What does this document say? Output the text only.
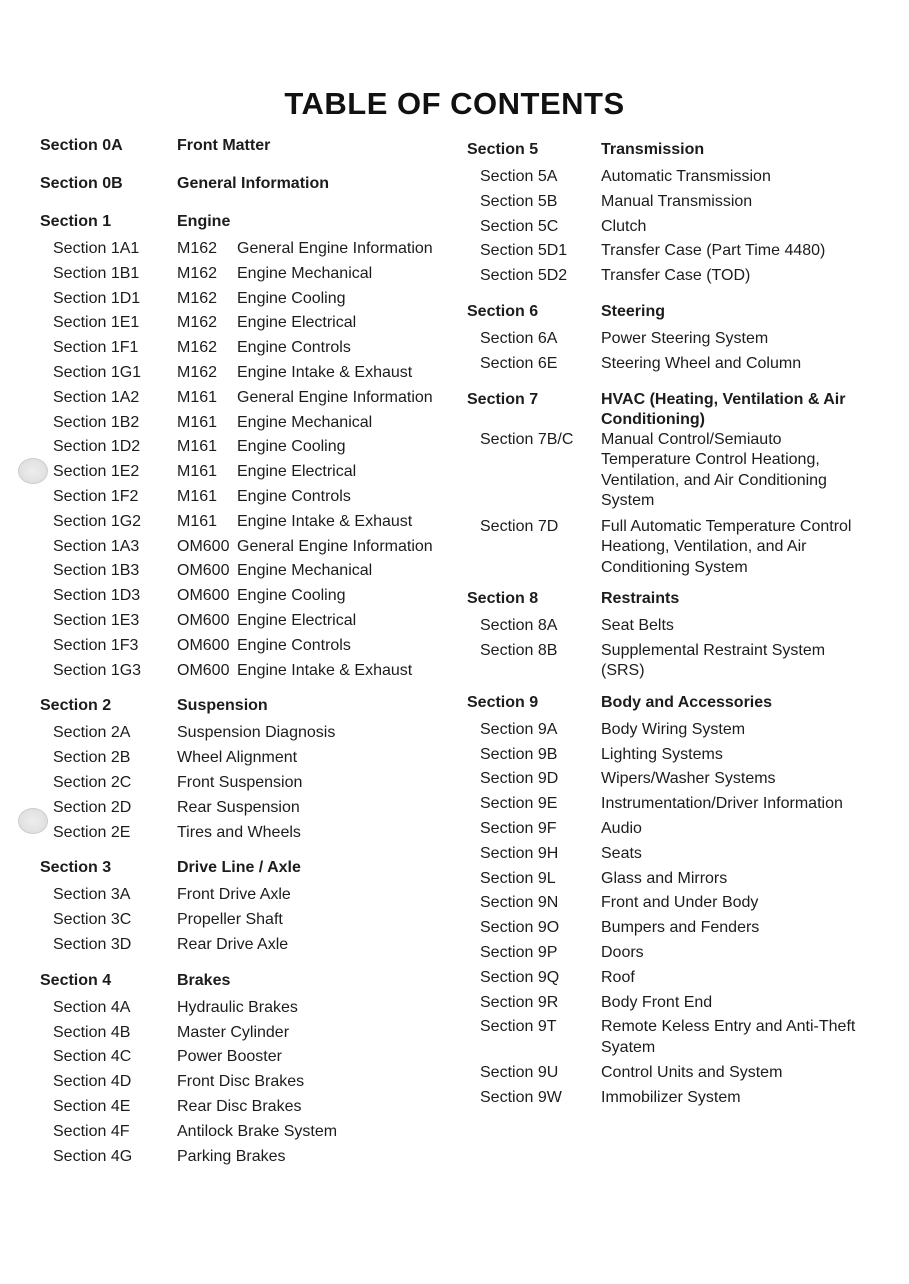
TABLE OF CONTENTS
Section 0A	Front Matter
Section 0B	General Information
Section 1	Engine
Section 1A1	M162	General Engine Information
Section 1B1	M162	Engine Mechanical
Section 1D1	M162	Engine Cooling
Section 1E1	M162	Engine Electrical
Section 1F1	M162	Engine Controls
Section 1G1	M162	Engine Intake & Exhaust
Section 1A2	M161	General Engine Information
Section 1B2	M161	Engine Mechanical
Section 1D2	M161	Engine Cooling
Section 1E2	M161	Engine Electrical
Section 1F2	M161	Engine Controls
Section 1G2	M161	Engine Intake & Exhaust
Section 1A3	OM600 General Engine Information
Section 1B3	OM600 Engine Mechanical
Section 1D3	OM600 Engine Cooling
Section 1E3	OM600 Engine Electrical
Section 1F3	OM600 Engine Controls
Section 1G3	OM600 Engine Intake & Exhaust
Section 2	Suspension
Section 2A	Suspension Diagnosis
Section 2B	Wheel Alignment
Section 2C	Front Suspension
Section 2D	Rear Suspension
Section 2E	Tires and Wheels
Section 3	Drive Line / Axle
Section 3A	Front Drive Axle
Section 3C	Propeller Shaft
Section 3D	Rear Drive Axle
Section 4	Brakes
Section 4A	Hydraulic Brakes
Section 4B	Master Cylinder
Section 4C	Power Booster
Section 4D	Front Disc Brakes
Section 4E	Rear Disc Brakes
Section 4F	Antilock Brake System
Section 4G	Parking Brakes
Section 5	Transmission
Section 5A	Automatic Transmission
Section 5B	Manual Transmission
Section 5C	Clutch
Section 5D1	Transfer Case (Part Time 4480)
Section 5D2	Transfer Case (TOD)
Section 6	Steering
Section 6A	Power Steering System
Section 6E	Steering Wheel and Column
Section 7	HVAC (Heating, Ventilation & Air Conditioning)
Section 7B/C	Manual Control/Semiauto Temperature Control Heationg, Ventilation, and Air Conditioning System
Section 7D	Full Automatic Temperature Control Heationg, Ventilation, and Air Conditioning System
Section 8	Restraints
Section 8A	Seat Belts
Section 8B	Supplemental Restraint System (SRS)
Section 9	Body and Accessories
Section 9A	Body Wiring System
Section 9B	Lighting Systems
Section 9D	Wipers/Washer Systems
Section 9E	Instrumentation/Driver Information
Section 9F	Audio
Section 9H	Seats
Section 9L	Glass and Mirrors
Section 9N	Front and Under Body
Section 9O	Bumpers and Fenders
Section 9P	Doors
Section 9Q	Roof
Section 9R	Body Front End
Section 9T	Remote Keless Entry and Anti-Theft Syatem
Section 9U	Control Units and System
Section 9W	Immobilizer System
